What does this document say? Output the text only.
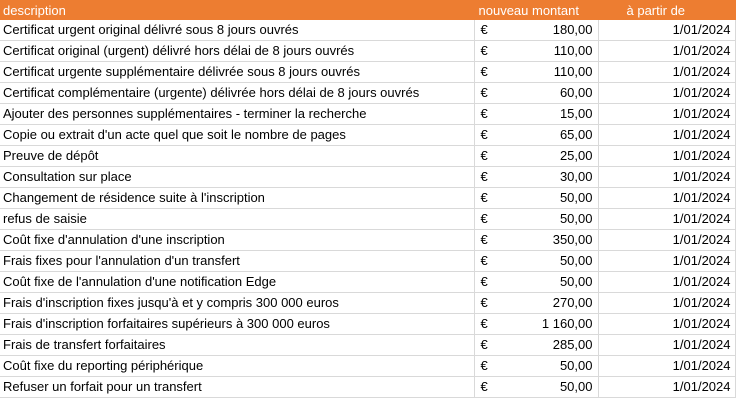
description	nouveau montant		à partir de
Certificat urgent original délivré sous 8 jours ouvrés	€	180,00	1/01/2024
Certificat original (urgent) délivré hors délai de 8 jours ouvrés	€	110,00	1/01/2024
Certificat urgente supplémentaire délivrée sous 8 jours ouvrés	€	110,00	1/01/2024
Certificat complémentaire (urgente) délivrée hors délai de 8 jours ouvrés	€	60,00	1/01/2024
Ajouter des personnes supplémentaires - terminer la recherche	€	15,00	1/01/2024
Copie ou extrait d'un acte quel que soit le nombre de pages	€	65,00	1/01/2024
Preuve de dépôt	€	25,00	1/01/2024
Consultation sur place	€	30,00	1/01/2024
Changement de résidence suite à l'inscription	€	50,00	1/01/2024
refus de saisie	€	50,00	1/01/2024
Coût fixe d'annulation d'une inscription	€	350,00	1/01/2024
Frais fixes pour l'annulation d'un transfert	€	50,00	1/01/2024
Coût fixe de l'annulation d'une notification Edge	€	50,00	1/01/2024
Frais d'inscription fixes jusqu'à et y compris 300 000 euros	€	270,00	1/01/2024
Frais d'inscription forfaitaires supérieurs à 300 000 euros	€	1 160,00	1/01/2024
Frais de transfert forfaitaires	€	285,00	1/01/2024
Coût fixe du reporting périphérique	€	50,00	1/01/2024
Refuser un forfait pour un transfert	€	50,00	1/01/2024
